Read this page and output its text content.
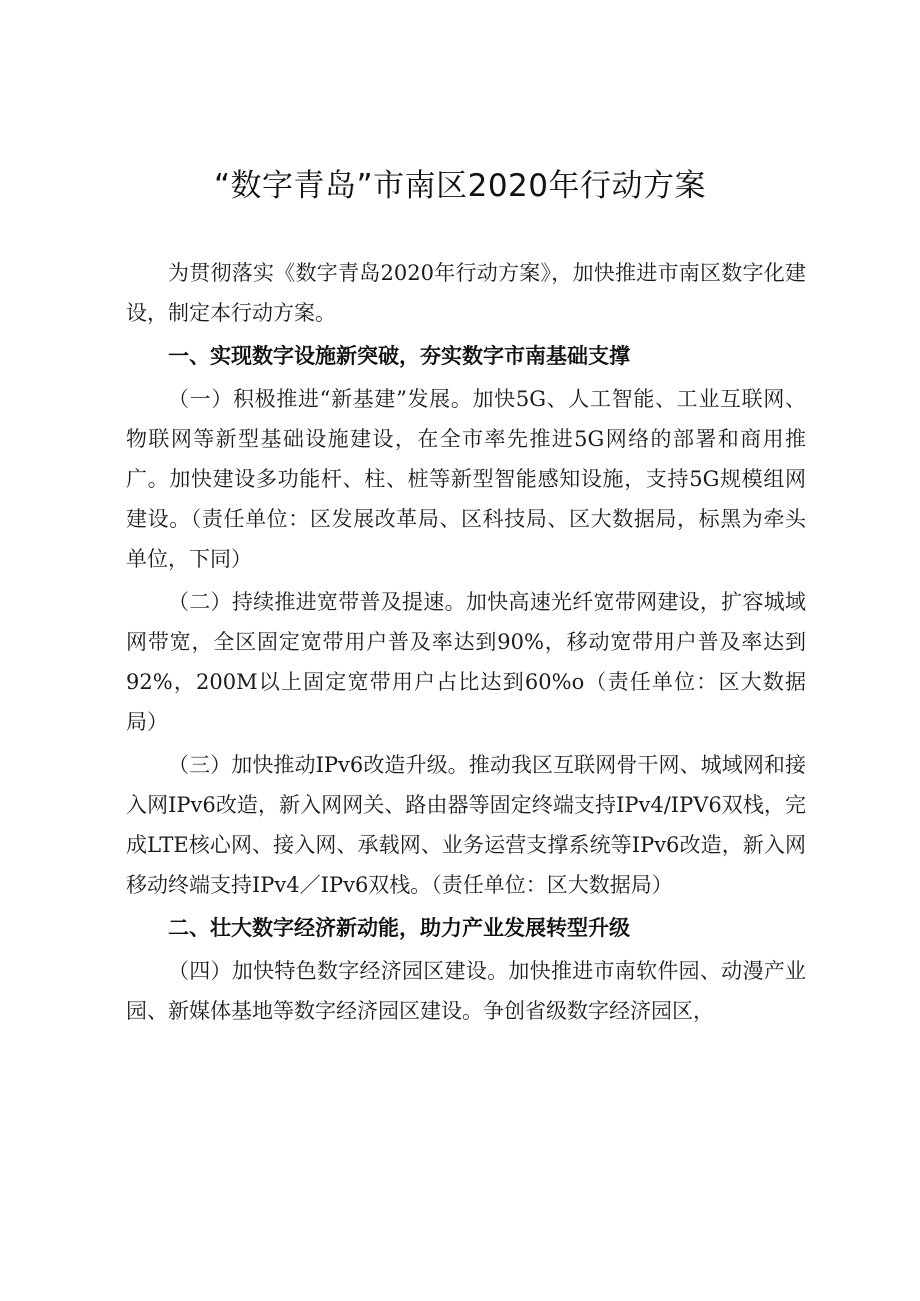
“数字青岛”市南区2020年行动方案

为贯彻落实《数字青岛2020年行动方案》，加快推进市南区数字化建设，制定本行动方案。

一、实现数字设施新突破，夯实数字市南基础支撑

（一）积极推进“新基建”发展。加快5G、人工智能、工业互联网、物联网等新型基础设施建设，在全市率先推进5G网络的部署和商用推广。加快建设多功能杆、柱、桩等新型智能感知设施，支持5G规模组网建设。（责任单位：区发展改革局、区科技局、区大数据局，标黑为牵头单位，下同）

（二）持续推进宽带普及提速。加快高速光纤宽带网建设，扩容城域网带宽，全区固定宽带用户普及率达到90%，移动宽带用户普及率达到92%，200M以上固定宽带用户占比达到60%o（责任单位：区大数据局）

（三）加快推动IPv6改造升级。推动我区互联网骨干网、城域网和接入网IPv6改造，新入网网关、路由器等固定终端支持IPv4/IPV6双栈，完成LTE核心网、接入网、承载网、业务运营支撑系统等IPv6改造，新入网移动终端支持IPv4／IPv6双栈。（责任单位：区大数据局）

二、壮大数字经济新动能，助力产业发展转型升级

（四）加快特色数字经济园区建设。加快推进市南软件园、动漫产业园、新媒体基地等数字经济园区建设。争创省级数字经济园区，
